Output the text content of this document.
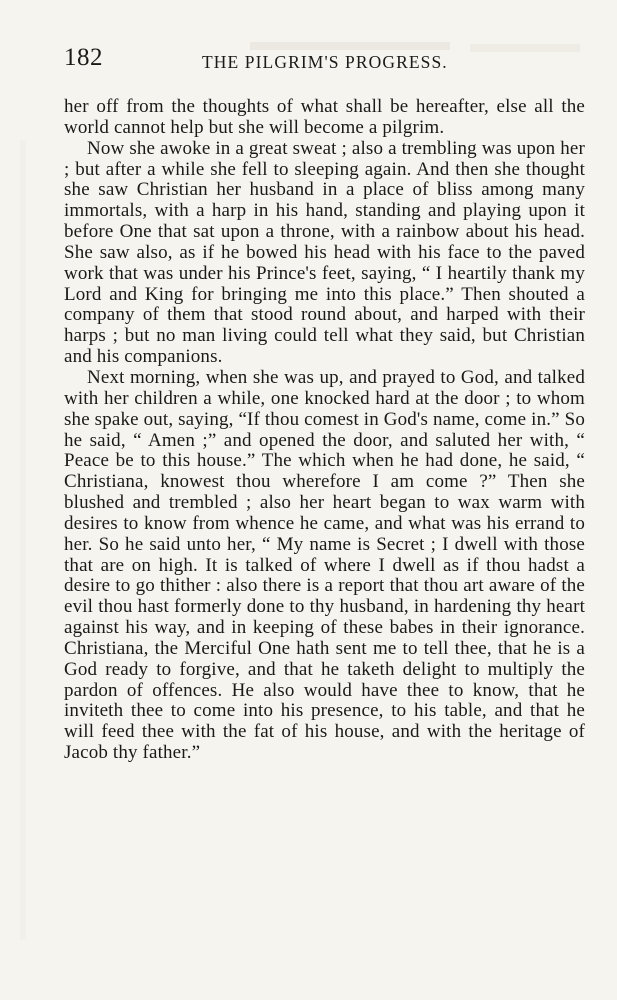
182	THE PILGRIM'S PROGRESS.

her off from the thoughts of what shall be hereafter, else all the world cannot help but she will become a pilgrim.

Now she awoke in a great sweat ; also a trembling was upon her ; but after a while she fell to sleeping again. And then she thought she saw Christian her husband in a place of bliss among many immortals, with a harp in his hand, standing and playing upon it before One that sat upon a throne, with a rainbow about his head. She saw also, as if he bowed his head with his face to the paved work that was under his Prince's feet, saying, “ I heartily thank my Lord and King for bringing me into this place.” Then shouted a company of them that stood round about, and harped with their harps ; but no man living could tell what they said, but Christian and his companions.

Next morning, when she was up, and prayed to God, and talked with her children a while, one knocked hard at the door ; to whom she spake out, saying, “If thou comest in God's name, come in.” So he said, “ Amen ;” and opened the door, and saluted her with, “ Peace be to this house.” The which when he had done, he said, “ Christiana, knowest thou wherefore I am come ?” Then she blushed and trembled ; also her heart began to wax warm with desires to know from whence he came, and what was his errand to her. So he said unto her, “ My name is Secret ; I dwell with those that are on high. It is talked of where I dwell as if thou hadst a desire to go thither : also there is a report that thou art aware of the evil thou hast formerly done to thy husband, in hardening thy heart against his way, and in keeping of these babes in their ignorance. Christiana, the Merciful One hath sent me to tell thee, that he is a God ready to forgive, and that he taketh delight to multiply the pardon of offences. He also would have thee to know, that he inviteth thee to come into his presence, to his table, and that he will feed thee with the fat of his house, and with the heritage of Jacob thy father.”
